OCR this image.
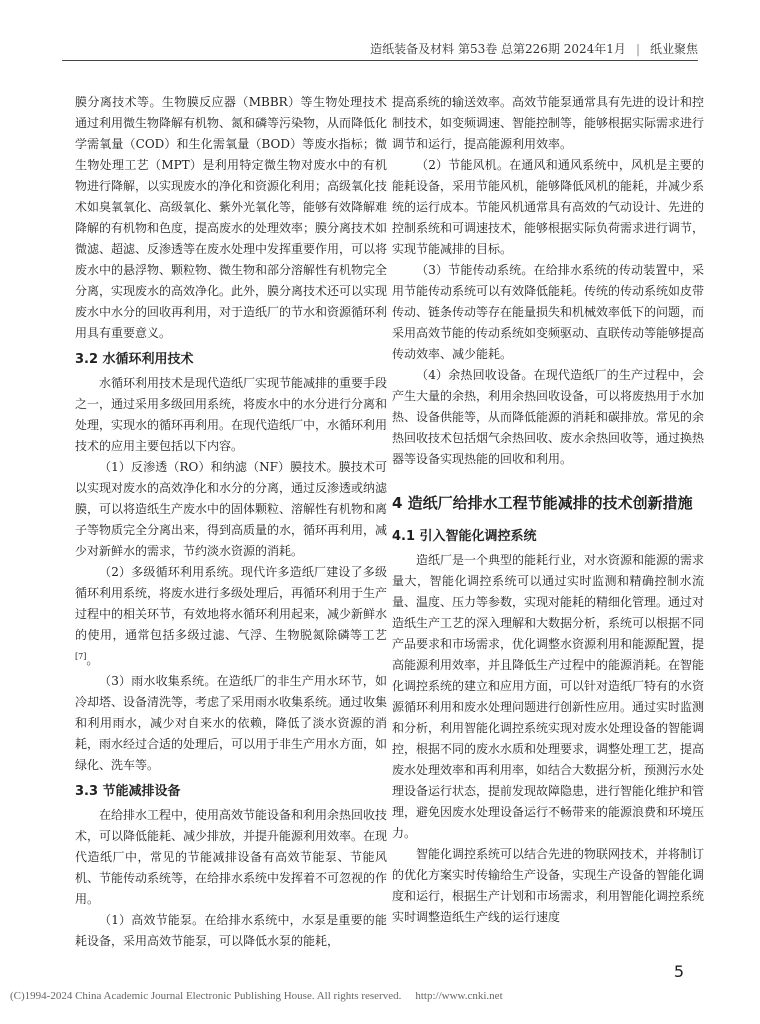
造纸装备及材料 第53卷 总第226期 2024年1月 | 纸业聚焦

膜分离技术等。生物膜反应器（MBBR）等生物处理技术通过利用微生物降解有机物、氮和磷等污染物，从而降低化学需氧量（COD）和生化需氧量（BOD）等废水指标；微生物处理工艺（MPT）是利用特定微生物对废水中的有机物进行降解，以实现废水的净化和资源化利用；高级氧化技术如臭氧氧化、高级氧化、紫外光氧化等，能够有效降解难降解的有机物和色度，提高废水的处理效率；膜分离技术如微滤、超滤、反渗透等在废水处理中发挥重要作用，可以将废水中的悬浮物、颗粒物、微生物和部分溶解性有机物完全分离，实现废水的高效净化。此外，膜分离技术还可以实现废水中水分的回收再利用，对于造纸厂的节水和资源循环利用具有重要意义。

3.2 水循环利用技术

水循环利用技术是现代造纸厂实现节能减排的重要手段之一，通过采用多级回用系统，将废水中的水分进行分离和处理，实现水的循环再利用。在现代造纸厂中，水循环利用技术的应用主要包括以下内容。

（1）反渗透（RO）和纳滤（NF）膜技术。膜技术可以实现对废水的高效净化和水分的分离，通过反渗透或纳滤膜，可以将造纸生产废水中的固体颗粒、溶解性有机物和离子等物质完全分离出来，得到高质量的水，循环再利用，减少对新鲜水的需求，节约淡水资源的消耗。

（2）多级循环利用系统。现代许多造纸厂建设了多级循环利用系统，将废水进行多级处理后，再循环利用于生产过程中的相关环节，有效地将水循环利用起来，减少新鲜水的使用，通常包括多级过滤、气浮、生物脱氮除磷等工艺[7]。

（3）雨水收集系统。在造纸厂的非生产用水环节，如冷却塔、设备清洗等，考虑了采用雨水收集系统。通过收集和利用雨水，减少对自来水的依赖，降低了淡水资源的消耗，雨水经过合适的处理后，可以用于非生产用水方面，如绿化、洗车等。

3.3 节能减排设备

在给排水工程中，使用高效节能设备和利用余热回收技术，可以降低能耗、减少排放，并提升能源利用效率。在现代造纸厂中，常见的节能减排设备有高效节能泵、节能风机、节能传动系统等，在给排水系统中发挥着不可忽视的作用。

（1）高效节能泵。在给排水系统中，水泵是重要的能耗设备，采用高效节能泵，可以降低水泵的能耗，

提高系统的输送效率。高效节能泵通常具有先进的设计和控制技术，如变频调速、智能控制等，能够根据实际需求进行调节和运行，提高能源利用效率。

（2）节能风机。在通风和通风系统中，风机是主要的能耗设备，采用节能风机，能够降低风机的能耗，并减少系统的运行成本。节能风机通常具有高效的气动设计、先进的控制系统和可调速技术，能够根据实际负荷需求进行调节，实现节能减排的目标。

（3）节能传动系统。在给排水系统的传动装置中，采用节能传动系统可以有效降低能耗。传统的传动系统如皮带传动、链条传动等存在能量损失和机械效率低下的问题，而采用高效节能的传动系统如变频驱动、直联传动等能够提高传动效率、减少能耗。

（4）余热回收设备。在现代造纸厂的生产过程中，会产生大量的余热，利用余热回收设备，可以将废热用于水加热、设备供能等，从而降低能源的消耗和碳排放。常见的余热回收技术包括烟气余热回收、废水余热回收等，通过换热器等设备实现热能的回收和利用。

4 造纸厂给排水工程节能减排的技术创新措施
4.1 引入智能化调控系统

造纸厂是一个典型的能耗行业，对水资源和能源的需求量大，智能化调控系统可以通过实时监测和精确控制水流量、温度、压力等参数，实现对能耗的精细化管理。通过对造纸生产工艺的深入理解和大数据分析，系统可以根据不同产品要求和市场需求，优化调整水资源利用和能源配置，提高能源利用效率，并且降低生产过程中的能源消耗。在智能化调控系统的建立和应用方面，可以针对造纸厂特有的水资源循环利用和废水处理问题进行创新性应用。通过实时监测和分析，利用智能化调控系统实现对废水处理设备的智能调控，根据不同的废水水质和处理要求，调整处理工艺，提高废水处理效率和再利用率，如结合大数据分析，预测污水处理设备运行状态，提前发现故障隐患，进行智能化维护和管理，避免因废水处理设备运行不畅带来的能源浪费和环境压力。

智能化调控系统可以结合先进的物联网技术，并将制订的优化方案实时传输给生产设备，实现生产设备的智能化调度和运行，根据生产计划和市场需求，利用智能化调控系统实时调整造纸生产线的运行速度

5
(C)1994-2024 China Academic Journal Electronic Publishing House. All rights reserved. http://www.cnki.net
